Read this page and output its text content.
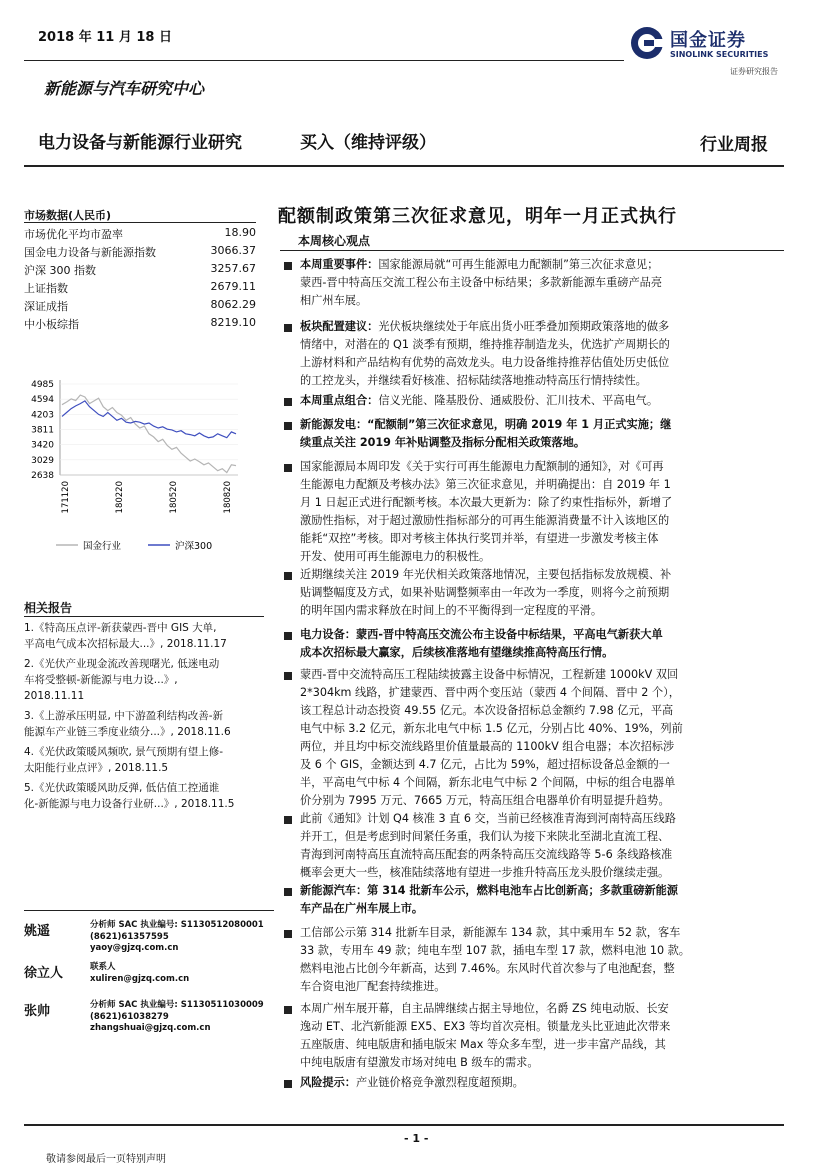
2018 年 11 月 18 日	国金证券
SINOLINK SECURITIES
证券研究报告
新能源与汽车研究中心
电力设备与新能源行业研究	买入（维持评级）	行业周报
市场数据(人民币)
市场优化平均市盈率	18.90
国金电力设备与新能源指数	3066.37
沪深 300 指数	3257.67
上证指数	2679.11
深证成指	8062.29
中小板综指	8219.10
4985
4594
4203
3811
3420
3029
2638
171120	180220	180520	180820
国金行业	沪深300
相关报告
1.《特高压点评-新获蒙西-晋中 GIS 大单,
平高电气成本次招标最大...》, 2018.11.17
2.《光伏产业现金流改善现曙光, 低迷电动
车将受整顿-新能源与电力设...》,
2018.11.11
3.《上游承压明显, 中下游盈利结构改善-新
能源车产业链三季度业绩分...》, 2018.11.6
4.《光伏政策暖风频吹, 景气预期有望上修-
太阳能行业点评》, 2018.11.5
5.《光伏政策暖风助反弹, 低估值工控通谁
化-新能源与电力设备行业研...》, 2018.11.5
姚遥	分析师 SAC 执业编号: S1130512080001
(8621)61357595
yaoy@gjzq.com.cn
徐立人	联系人
xuliren@gjzq.com.cn
张帅	分析师 SAC 执业编号: S1130511030009
(8621)61038279
zhangshuai@gjzq.com.cn
配额制政策第三次征求意见，明年一月正式执行
本周核心观点
本周重要事件：国家能源局就“可再生能源电力配额制”第三次征求意见；
蒙西-晋中特高压交流工程公布主设备中标结果；多款新能源车重磅产品亮
相广州车展。
板块配置建议：光伏板块继续处于年底出货小旺季叠加预期政策落地的做多
情绪中，对潜在的 Q1 淡季有预期，维持推荐制造龙头，优选扩产周期长的
上游材料和产品结构有优势的高效龙头。电力设备维持推荐估值处历史低位
的工控龙头，并继续看好核准、招标陆续落地推动特高压行情持续性。
本周重点组合：信义光能、隆基股份、通威股份、汇川技术、平高电气。
新能源发电：“配额制”第三次征求意见，明确 2019 年 1 月正式实施；继
续重点关注 2019 年补贴调整及指标分配相关政策落地。
国家能源局本周印发《关于实行可再生能源电力配额制的通知》，对《可再
生能源电力配额及考核办法》第三次征求意见，并明确提出：自 2019 年 1
月 1 日起正式进行配额考核。本次最大更新为：除了约束性指标外，新增了
激励性指标，对于超过激励性指标部分的可再生能源消费量不计入该地区的
能耗“双控”考核。即对考核主体执行奖罚并举，有望进一步激发考核主体
开发、使用可再生能源电力的积极性。
近期继续关注 2019 年光伏相关政策落地情况，主要包括指标发放规模、补
贴调整幅度及方式，如果补贴调整频率由一年改为一季度，则将今之前预期
的明年国内需求释放在时间上的不平衡得到一定程度的平滑。
电力设备：蒙西-晋中特高压交流公布主设备中标结果，平高电气新获大单
成本次招标最大赢家，后续核准落地有望继续推高特高压行情。
蒙西-晋中交流特高压工程陆续披露主设备中标情况，工程新建 1000kV 双回
2*304km 线路，扩建蒙西、晋中两个变压站（蒙西 4 个间隔、晋中 2 个），
该工程总计动态投资 49.55 亿元。本次设备招标总金额约 7.98 亿元，平高
电气中标 3.2 亿元，新东北电气中标 1.5 亿元，分别占比 40%、19%，列前
两位，并且均中标交流线路里价值量最高的 1100kV 组合电器；本次招标涉
及 6 个 GIS，金额达到 4.7 亿元，占比为 59%，超过招标设备总金额的一
半，平高电气中标 4 个间隔，新东北电气中标 2 个间隔，中标的组合电器单
价分别为 7995 万元、7665 万元，特高压组合电器单价有明显提升趋势。
此前《通知》计划 Q4 核准 3 直 6 交，当前已经核准青海到河南特高压线路
并开工，但是考虑到时间紧任务重，我们认为接下来陕北至湖北直流工程、
青海到河南特高压直流特高压配套的两条特高压交流线路等 5-6 条线路核准
概率会更大一些，核准陆续落地有望进一步推升特高压龙头股价继续走强。
新能源汽车：第 314 批新车公示，燃料电池车占比创新高；多款重磅新能源
车产品在广州车展上市。
工信部公示第 314 批新车目录，新能源车 134 款，其中乘用车 52 款，客车
33 款，专用车 49 款；纯电车型 107 款，插电车型 17 款，燃料电池 10 款。
燃料电池占比创今年新高，达到 7.46%。东风时代首次参与了电池配套，整
车合资电池厂配套持续推进。
本周广州车展开幕，自主品牌继续占据主导地位，名爵 ZS 纯电动版、长安
逸动 ET、北汽新能源 EX5、EX3 等均首次亮相。锁量龙头比亚迪此次带来
五座版唐、纯电版唐和插电版宋 Max 等众多车型，进一步丰富产品线，其
中纯电版唐有望激发市场对纯电 B 级车的需求。
风险提示：产业链价格竞争激烈程度超预期。
- 1 -
敬请参阅最后一页特别声明
